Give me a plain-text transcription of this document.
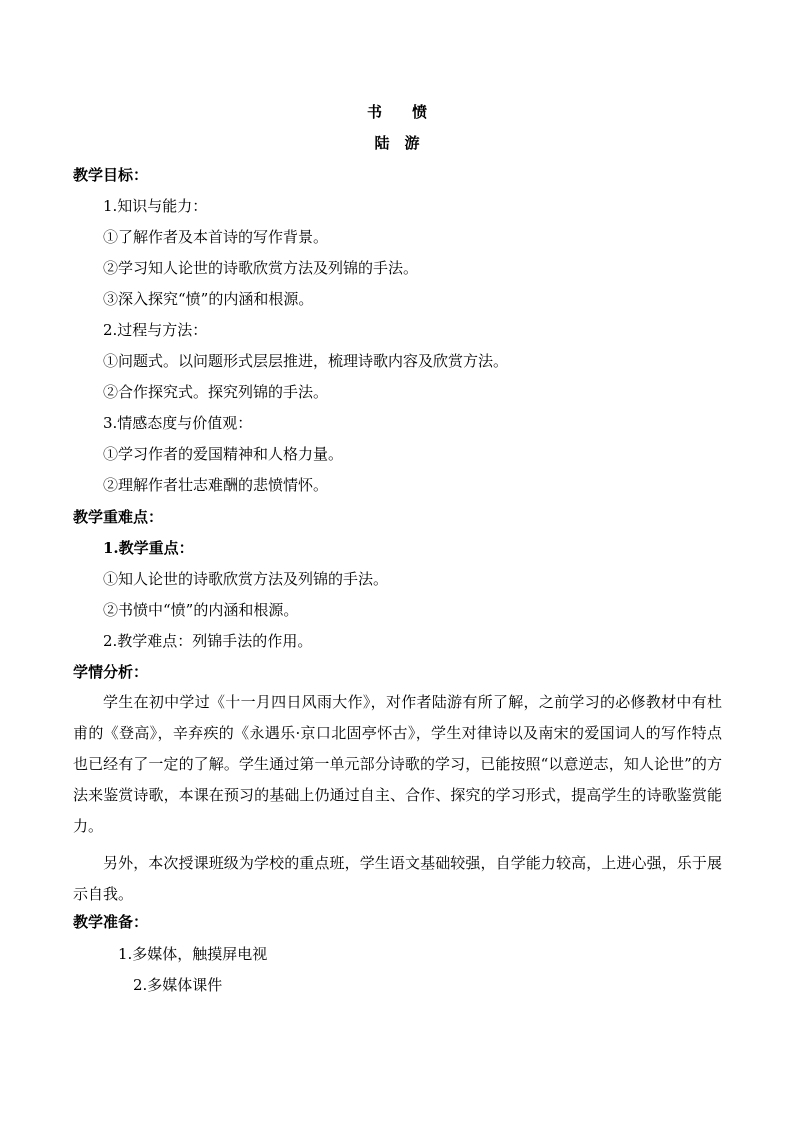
书　　愤
陆　游
教学目标：
1.知识与能力：
①了解作者及本首诗的写作背景。
②学习知人论世的诗歌欣赏方法及列锦的手法。
③深入探究“愤”的内涵和根源。
2.过程与方法：
①问题式。以问题形式层层推进，梳理诗歌内容及欣赏方法。
②合作探究式。探究列锦的手法。
3.情感态度与价值观：
①学习作者的爱国精神和人格力量。
②理解作者壮志难酬的悲愤情怀。
教学重难点：
1.教学重点：
①知人论世的诗歌欣赏方法及列锦的手法。
②书愤中“愤”的内涵和根源。
2.教学难点：列锦手法的作用。
学情分析：
学生在初中学过《十一月四日风雨大作》，对作者陆游有所了解，之前学习的必修教材中有杜甫的《登高》，辛弃疾的《永遇乐·京口北固亭怀古》，学生对律诗以及南宋的爱国词人的写作特点也已经有了一定的了解。学生通过第一单元部分诗歌的学习，已能按照“以意逆志，知人论世”的方法来鉴赏诗歌，本课在预习的基础上仍通过自主、合作、探究的学习形式，提高学生的诗歌鉴赏能力。
另外，本次授课班级为学校的重点班，学生语文基础较强，自学能力较高，上进心强，乐于展示自我。
教学准备：
1.多媒体，触摸屏电视
2.多媒体课件
